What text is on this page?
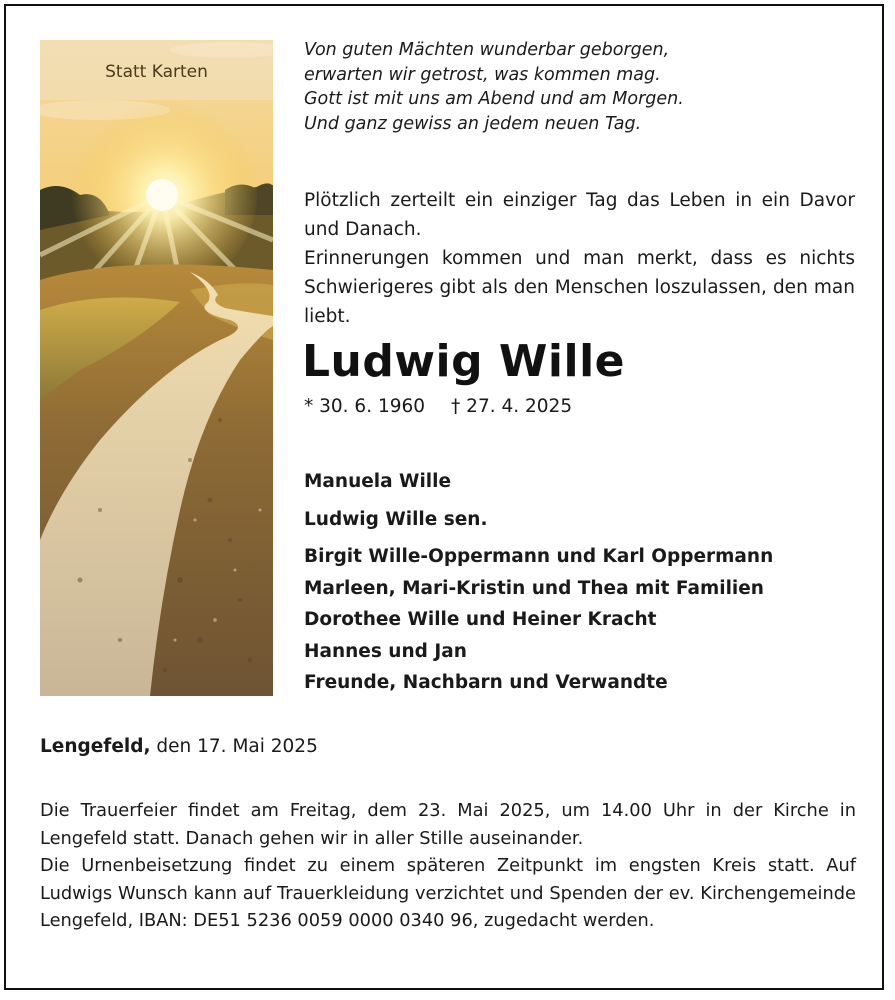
Statt Karten
Von guten Mächten wunderbar geborgen,
erwarten wir getrost, was kommen mag.
Gott ist mit uns am Abend und am Morgen.
Und ganz gewiss an jedem neuen Tag.
Plötzlich zerteilt ein einziger Tag das Leben in ein Davor und Danach.
Erinnerungen kommen und man merkt, dass es nichts Schwierigeres gibt als den Menschen loszulassen, den man liebt.
Ludwig Wille
* 30. 6. 1960 † 27. 4. 2025
Manuela Wille
Ludwig Wille sen.
Birgit Wille-Oppermann und Karl Oppermann
Marleen, Mari-Kristin und Thea mit Familien
Dorothee Wille und Heiner Kracht
Hannes und Jan
Freunde, Nachbarn und Verwandte
Lengefeld, den 17. Mai 2025
Die Trauerfeier findet am Freitag, dem 23. Mai 2025, um 14.00 Uhr in der Kirche in Lengefeld statt. Danach gehen wir in aller Stille auseinander.
Die Urnenbeisetzung findet zu einem späteren Zeitpunkt im engsten Kreis statt. Auf Ludwigs Wunsch kann auf Trauerkleidung verzichtet und Spenden der ev. Kirchengemeinde Lengefeld, IBAN: DE51 5236 0059 0000 0340 96, zugedacht werden.
